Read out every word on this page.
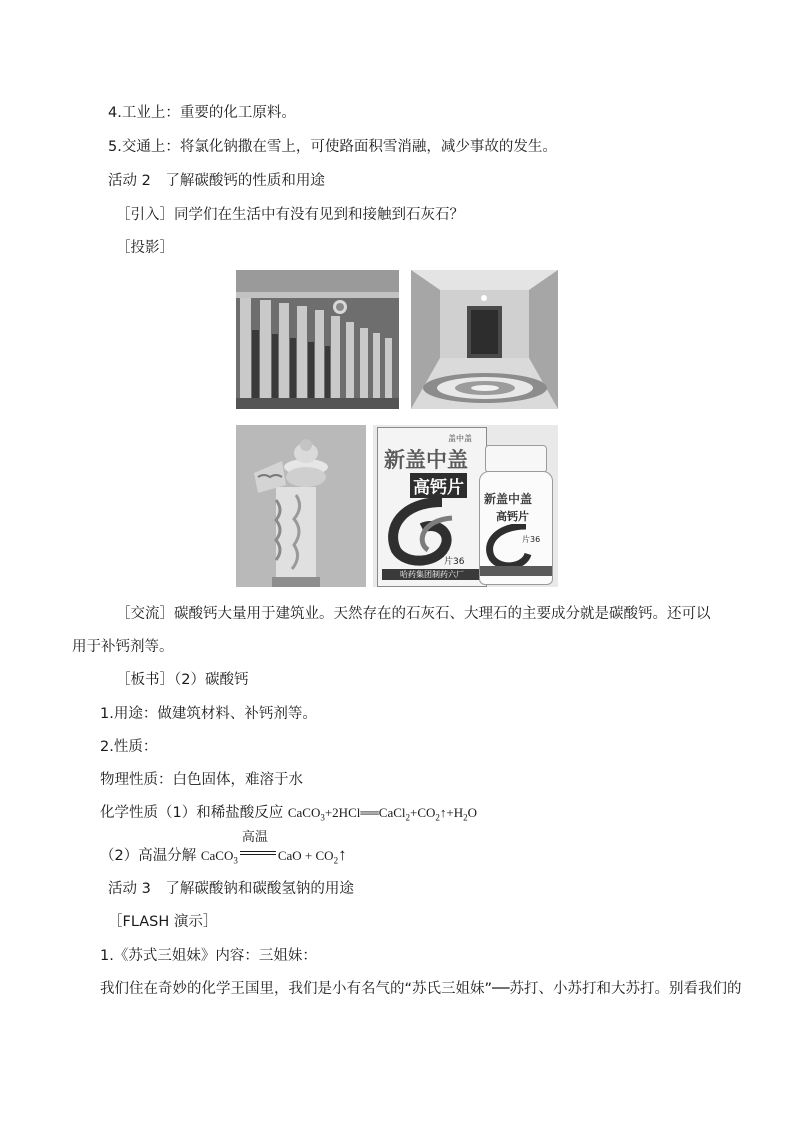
4.工业上：重要的化工原料。
5.交通上：将氯化钠撒在雪上，可使路面积雪消融，减少事故的发生。
活动 2　了解碳酸钙的性质和用途
［引入］同学们在生活中有没有见到和接触到石灰石？
［投影］
盖中盖
新盖中盖
高钙片
片36
哈药集团制药六厂
新盖中盖
高钙片
片36
［交流］碳酸钙大量用于建筑业。天然存在的石灰石、大理石的主要成分就是碳酸钙。还可以用于补钙剂等。
［板书］（2）碳酸钙
1.用途：做建筑材料、补钙剂等。
2.性质：
物理性质：白色固体，难溶于水
化学性质（1）和稀盐酸反应 $CaCO_3+2HCl══CaCl_2+CO_2↑+H_2O$
（2）高温分解 CaCO$_3$
高温
CaO + $CO_2↑$
活动 3　了解碳酸钠和碳酸氢钠的用途
［FLASH 演示］
1.《苏式三姐妹》内容：三姐妹：
我们住在奇妙的化学王国里，我们是小有名气的“苏氏三姐妹”──苏打、小苏打和大苏打。别看我们的
